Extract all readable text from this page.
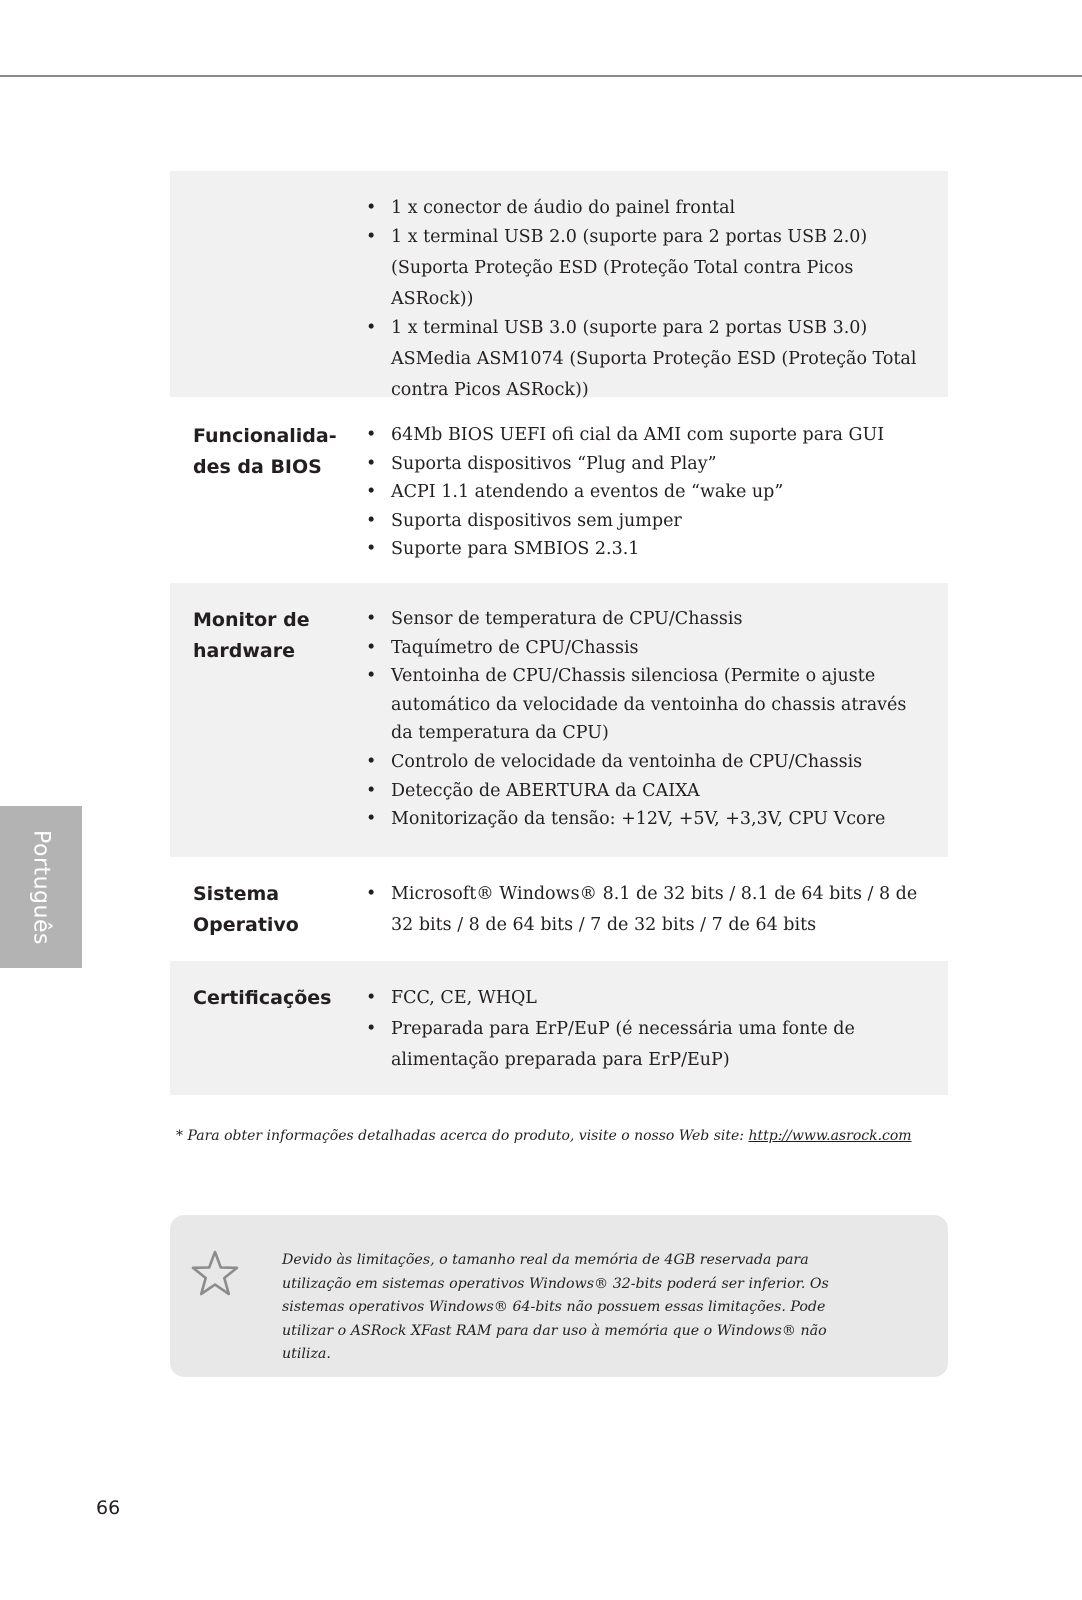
Português
• 1 x conector de áudio do painel frontal
• 1 x terminal USB 2.0 (suporte para 2 portas USB 2.0) (Suporta Proteção ESD (Proteção Total contra Picos ASRock))
• 1 x terminal USB 3.0 (suporte para 2 portas USB 3.0) ASMedia ASM1074 (Suporta Proteção ESD (Proteção Total contra Picos ASRock))
Funcionalida-des da BIOS
• 64Mb BIOS UEFI ofi cial da AMI com suporte para GUI
• Suporta dispositivos “Plug and Play”
• ACPI 1.1 atendendo a eventos de “wake up”
• Suporta dispositivos sem jumper
• Suporte para SMBIOS 2.3.1
Monitor de hardware
• Sensor de temperatura de CPU/Chassis
• Taquímetro de CPU/Chassis
• Ventoinha de CPU/Chassis silenciosa (Permite o ajuste automático da velocidade da ventoinha do chassis através da temperatura da CPU)
• Controlo de velocidade da ventoinha de CPU/Chassis
• Detecção de ABERTURA da CAIXA
• Monitorização da tensão: +12V, +5V, +3,3V, CPU Vcore
Sistema Operativo
• Microsoft® Windows® 8.1 de 32 bits / 8.1 de 64 bits / 8 de 32 bits / 8 de 64 bits / 7 de 32 bits / 7 de 64 bits
Certificações
•	FCC, CE, WHQL
• Preparada para ErP/EuP (é necessária uma fonte de alimentação preparada para ErP/EuP)
* Para obter informações detalhadas acerca do produto, visite o nosso Web site: http://www.asrock.com
Devido às limitações, o tamanho real da memória de 4GB reservada para utilização em sistemas operativos Windows® 32-bits poderá ser inferior. Os sistemas operativos Windows® 64-bits não possuem essas limitações. Pode utilizar o ASRock XFast RAM para dar uso à memória que o Windows® não utiliza.
66
